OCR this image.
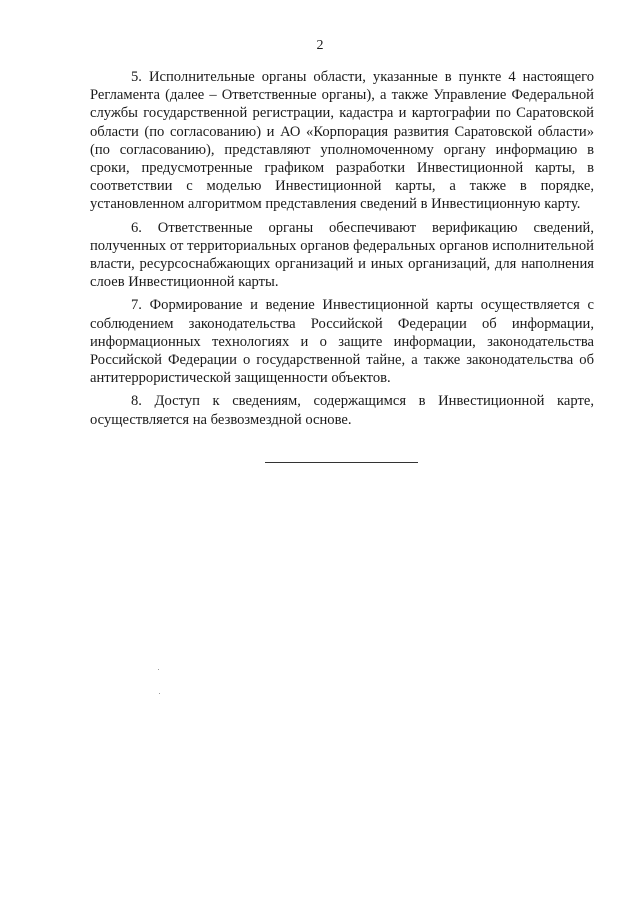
2

5. Исполнительные органы области, указанные в пункте 4 настоящего Регламента (далее – Ответственные органы), а также Управление Федеральной службы государственной регистрации, кадастра и картографии по Саратовской области (по согласованию) и АО «Корпорация развития Саратовской области» (по согласованию), представляют уполномоченному органу информацию в сроки, предусмотренные графиком разработки Инвестиционной карты, в соответствии с моделью Инвестиционной карты, а также в порядке, установленном алгоритмом представления сведений в Инвестиционную карту.

6. Ответственные органы обеспечивают верификацию сведений, полученных от территориальных органов федеральных органов исполнительной власти, ресурсоснабжающих организаций и иных организаций, для наполнения слоев Инвестиционной карты.

7. Формирование и ведение Инвестиционной карты осуществляется с соблюдением законодательства Российской Федерации об информации, информационных технологиях и о защите информации, законодательства Российской Федерации о государственной тайне, а также законодательства об антитеррористической защищенности объектов.

8. Доступ к сведениям, содержащимся в Инвестиционной карте, осуществляется на безвозмездной основе.
